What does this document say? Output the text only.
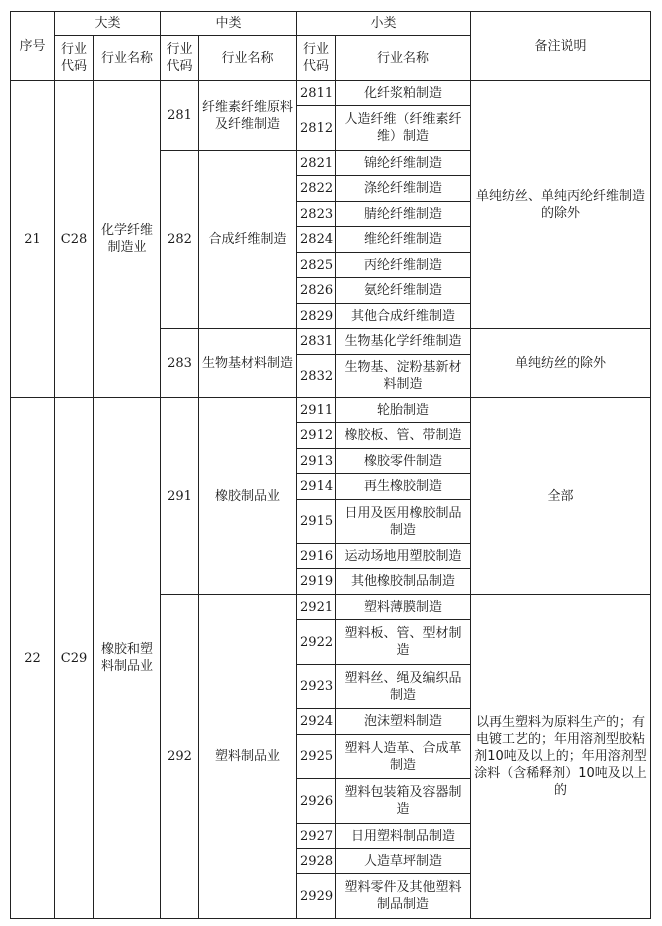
序号	大类		中类		小类		备注说明
	行业代码	行业名称	行业代码	行业名称	行业代码	行业名称	
21	C28	化学纤维制造业	281	纤维素纤维原料及纤维制造	2811	化纤浆粕制造	单纯纺丝、单纯丙纶纤维制造的除外
					2812	人造纤维（纤维素纤维）制造	
			282	合成纤维制造	2821	锦纶纤维制造	
					2822	涤纶纤维制造	
					2823	腈纶纤维制造	
					2824	维纶纤维制造	
					2825	丙纶纤维制造	
					2826	氨纶纤维制造	
					2829	其他合成纤维制造	
			283	生物基材料制造	2831	生物基化学纤维制造	单纯纺丝的除外
					2832	生物基、淀粉基新材料制造	
22	C29	橡胶和塑料制品业	291	橡胶制品业	2911	轮胎制造	全部
					2912	橡胶板、管、带制造	
					2913	橡胶零件制造	
					2914	再生橡胶制造	
					2915	日用及医用橡胶制品制造	
					2916	运动场地用塑胶制造	
					2919	其他橡胶制品制造	
			292	塑料制品业	2921	塑料薄膜制造	以再生塑料为原料生产的；有电镀工艺的；年用溶剂型胶粘剂10吨及以上的；年用溶剂型涂料（含稀释剂）10吨及以上的
					2922	塑料板、管、型材制造	
					2923	塑料丝、绳及编织品制造	
					2924	泡沫塑料制造	
					2925	塑料人造革、合成革制造	
					2926	塑料包装箱及容器制造	
					2927	日用塑料制品制造	
					2928	人造草坪制造	
					2929	塑料零件及其他塑料制品制造	
